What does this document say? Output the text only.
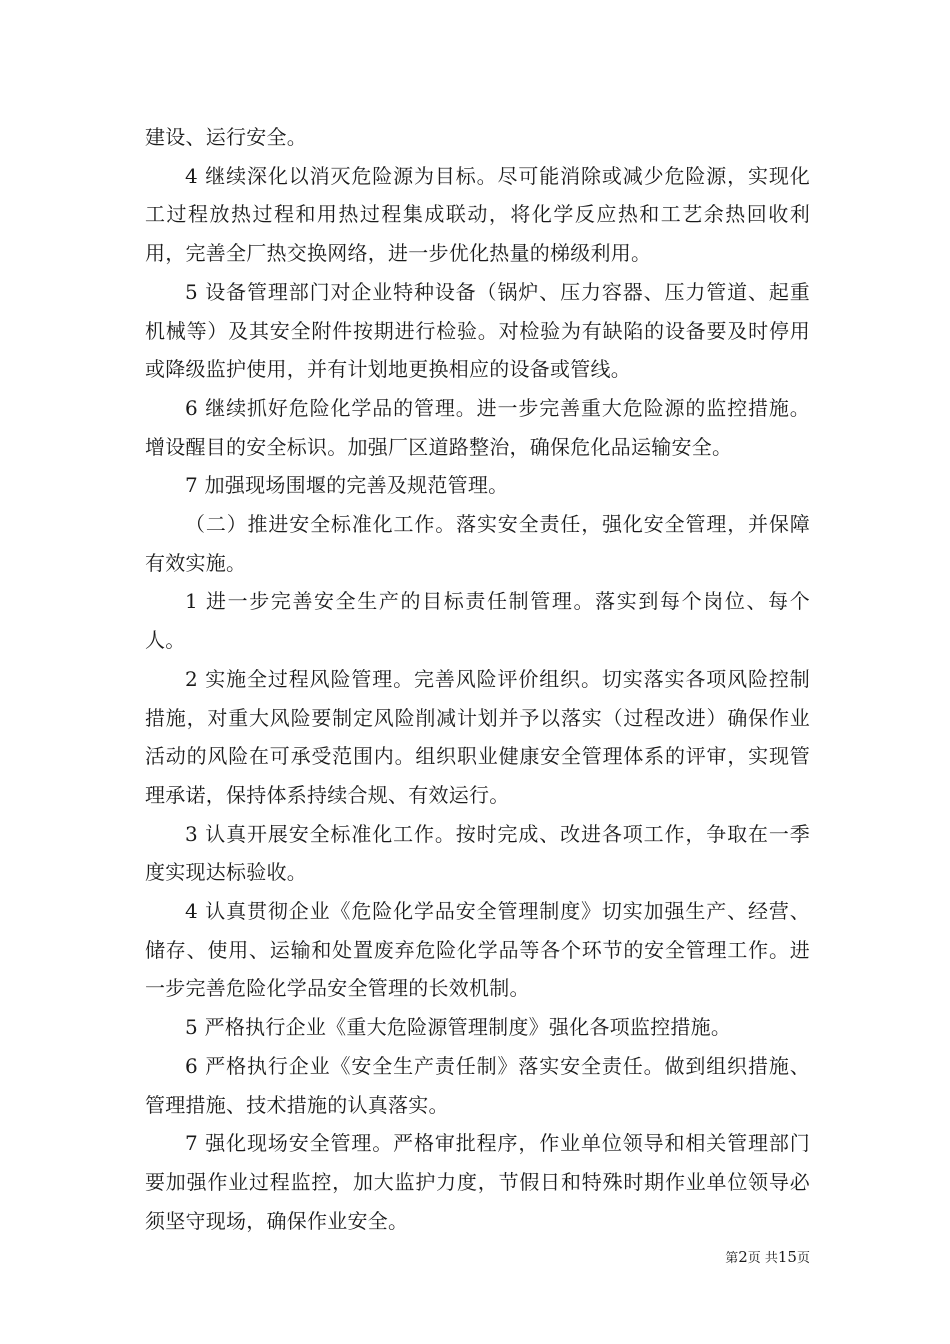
建设、运行安全。

4 继续深化以消灭危险源为目标。尽可能消除或减少危险源，实现化工过程放热过程和用热过程集成联动，将化学反应热和工艺余热回收利用，完善全厂热交换网络，进一步优化热量的梯级利用。

5 设备管理部门对企业特种设备（锅炉、压力容器、压力管道、起重机械等）及其安全附件按期进行检验。对检验为有缺陷的设备要及时停用或降级监护使用，并有计划地更换相应的设备或管线。

6 继续抓好危险化学品的管理。进一步完善重大危险源的监控措施。增设醒目的安全标识。加强厂区道路整治，确保危化品运输安全。

7 加强现场围堰的完善及规范管理。

（二）推进安全标准化工作。落实安全责任，强化安全管理，并保障有效实施。

1 进一步完善安全生产的目标责任制管理。落实到每个岗位、每个人。

2 实施全过程风险管理。完善风险评价组织。切实落实各项风险控制措施，对重大风险要制定风险削减计划并予以落实（过程改进）确保作业活动的风险在可承受范围内。组织职业健康安全管理体系的评审，实现管理承诺，保持体系持续合规、有效运行。

3 认真开展安全标准化工作。按时完成、改进各项工作，争取在一季度实现达标验收。

4 认真贯彻企业《危险化学品安全管理制度》切实加强生产、经营、储存、使用、运输和处置废弃危险化学品等各个环节的安全管理工作。进一步完善危险化学品安全管理的长效机制。

5 严格执行企业《重大危险源管理制度》强化各项监控措施。

6 严格执行企业《安全生产责任制》落实安全责任。做到组织措施、管理措施、技术措施的认真落实。

7 强化现场安全管理。严格审批程序，作业单位领导和相关管理部门要加强作业过程监控，加大监护力度，节假日和特殊时期作业单位领导必须坚守现场，确保作业安全。

第2页 共15页
